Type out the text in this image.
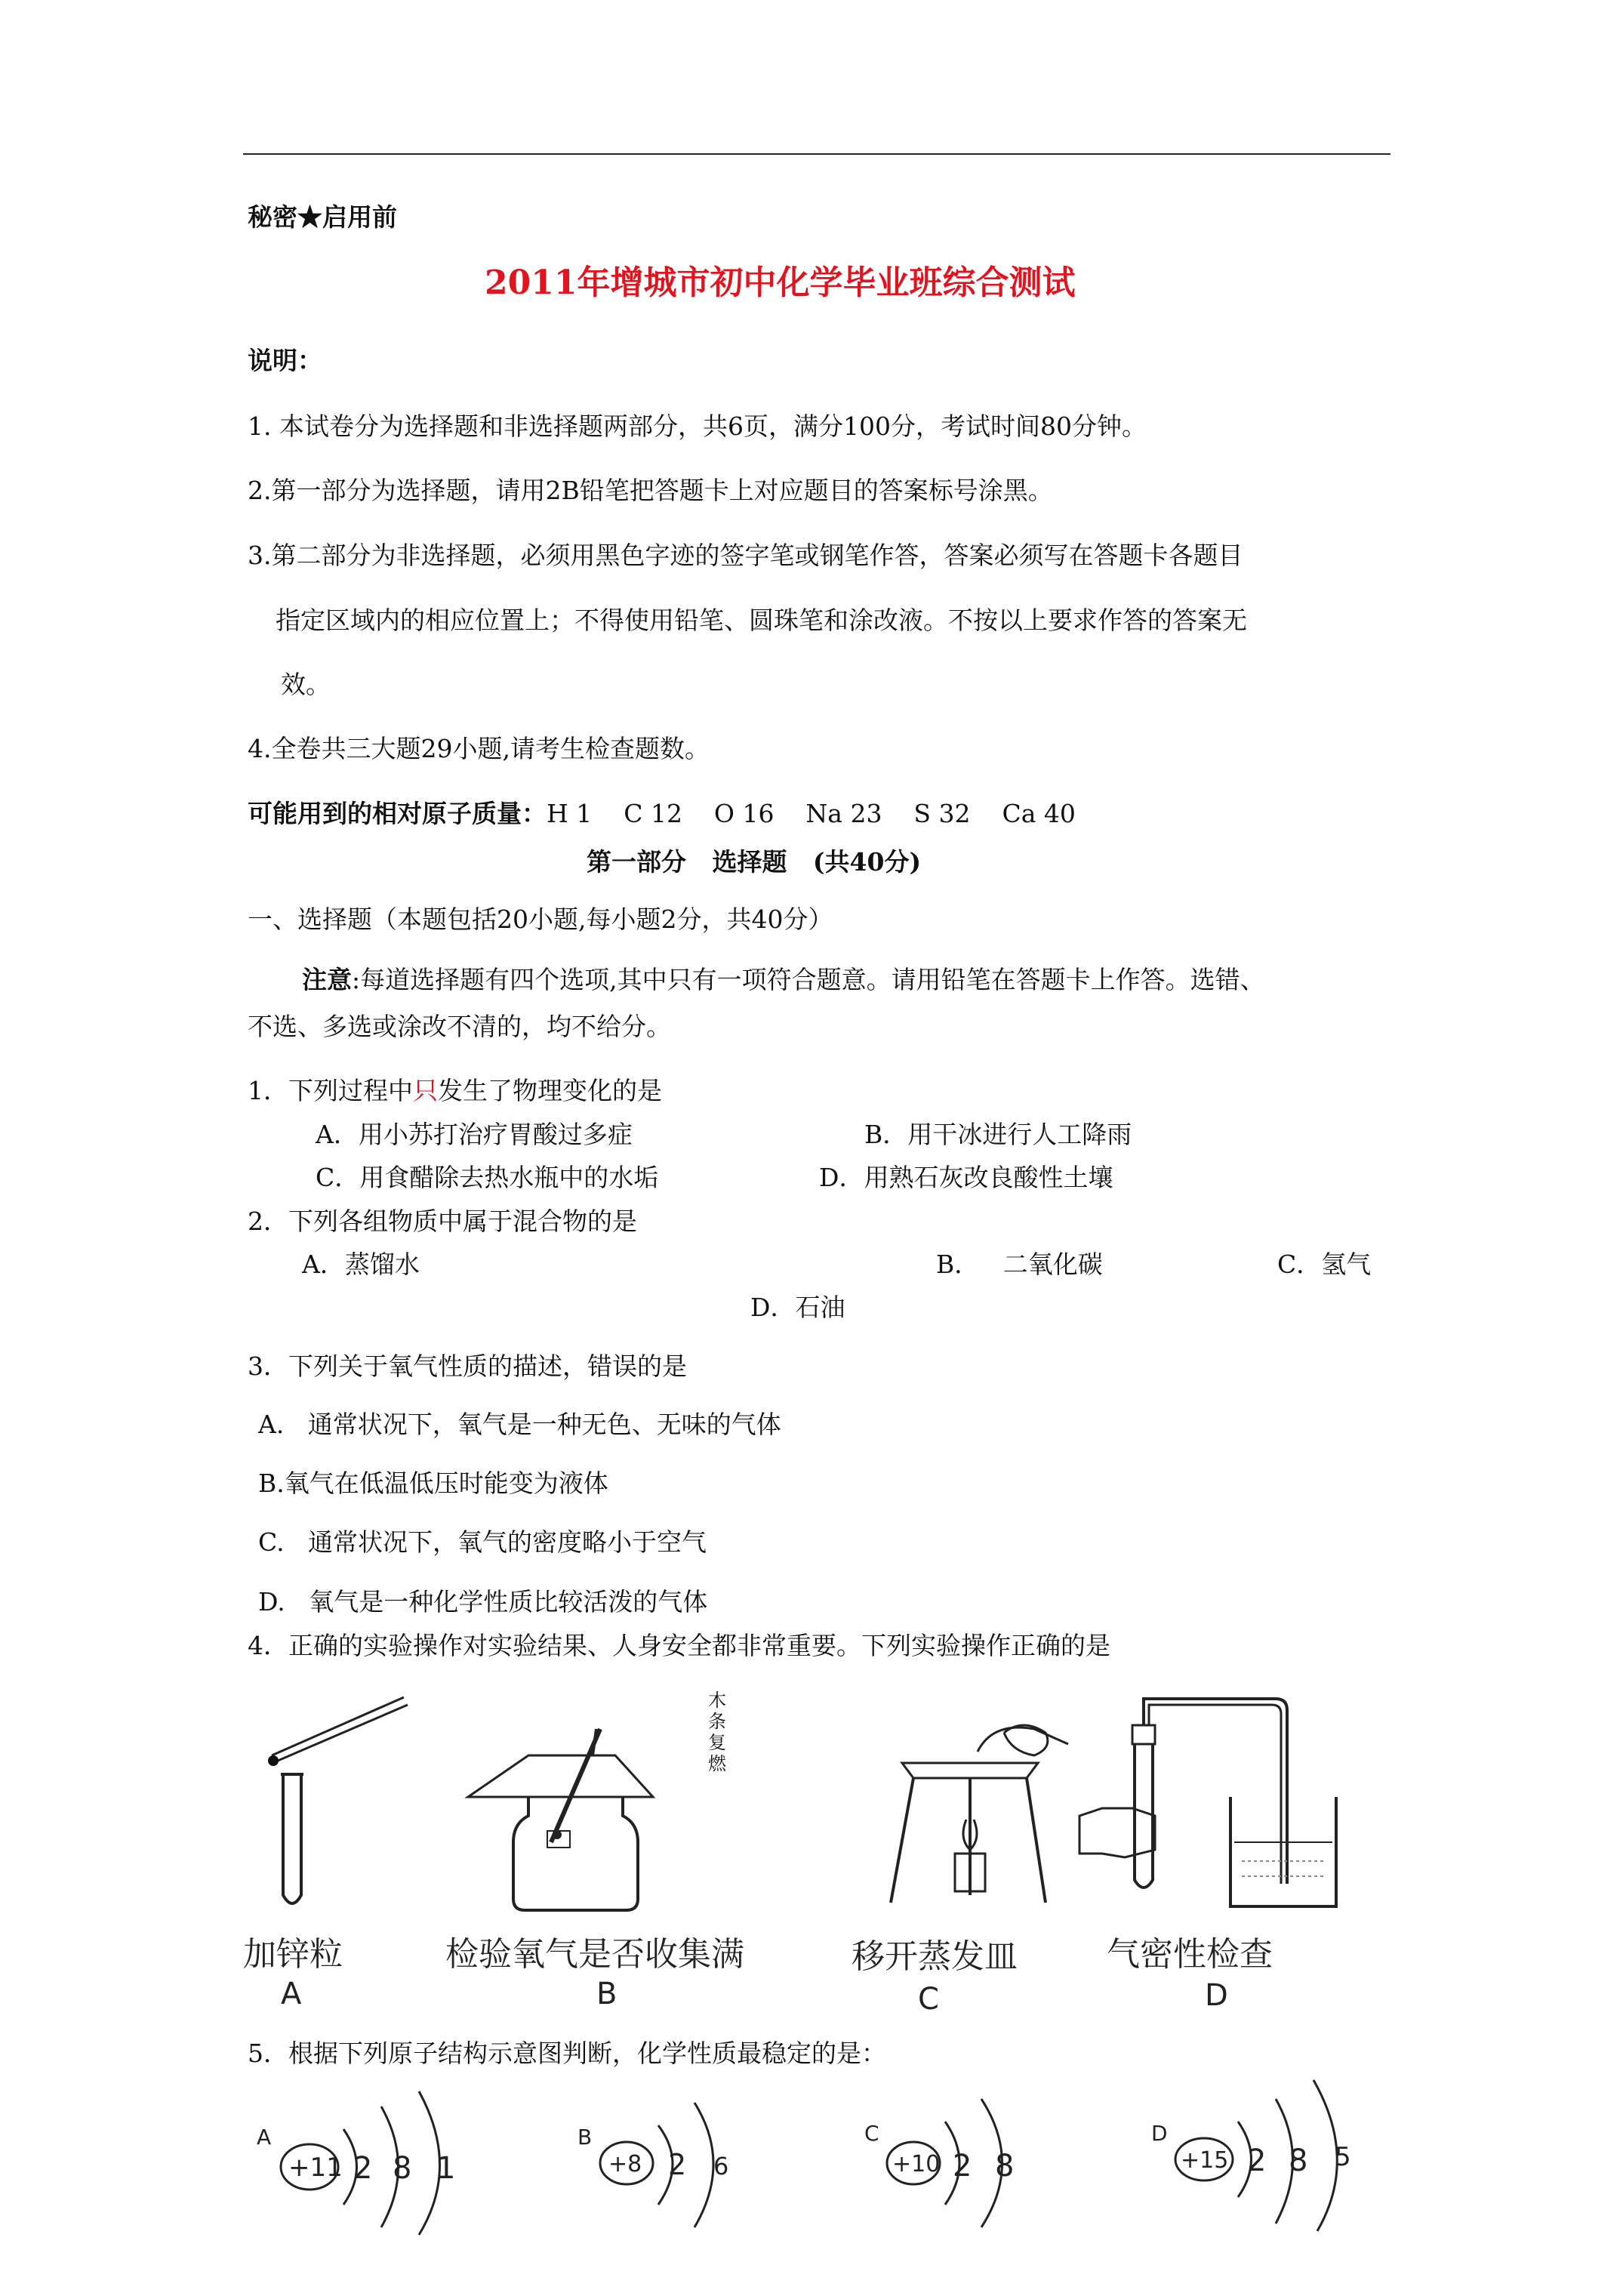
秘密★启用前
2011年增城市初中化学毕业班综合测试
说明：
1. 本试卷分为选择题和非选择题两部分，共6页，满分100分，考试时间80分钟。
2.第一部分为选择题，请用2B铅笔把答题卡上对应题目的答案标号涂黑。
3.第二部分为非选择题，必须用黑色字迹的签字笔或钢笔作答，答案必须写在答题卡各题目
指定区域内的相应位置上；不得使用铅笔、圆珠笔和涂改液。不按以上要求作答的答案无
效。
4.全卷共三大题29小题,请考生检查题数。
可能用到的相对原子质量：H 1    C 12    O 16    Na 23    S 32    Ca 40
第一部分   选择题   (共40分)
一、选择题（本题包括20小题,每小题2分，共40分）
注意:每道选择题有四个选项,其中只有一项符合题意。请用铅笔在答题卡上作答。选错、
不选、多选或涂改不清的，均不给分。
1．下列过程中只发生了物理变化的是
A．用小苏打治疗胃酸过多症	B．用干冰进行人工降雨
C．用食醋除去热水瓶中的水垢	D．用熟石灰改良酸性土壤
2．下列各组物质中属于混合物的是
A．蒸馏水	B．   二氧化碳	C．氢气
D．石油
3．下列关于氧气性质的描述，错误的是
A.   通常状况下，氧气是一种无色、无味的气体
B.氧气在低温低压时能变为液体
C.   通常状况下，氧气的密度略小于空气
D.   氧气是一种化学性质比较活泼的气体
4．正确的实验操作对实验结果、人身安全都非常重要。下列实验操作正确的是
木条复燃
加锌粒	检验氧气是否收集满	移开蒸发皿	气密性检查
A	B	C	D
5．根据下列原子结构示意图判断，化学性质最稳定的是：
A
+11 2 8 1
B
+8 2 6
C
+10 2 8
D
+15 2 8 5
